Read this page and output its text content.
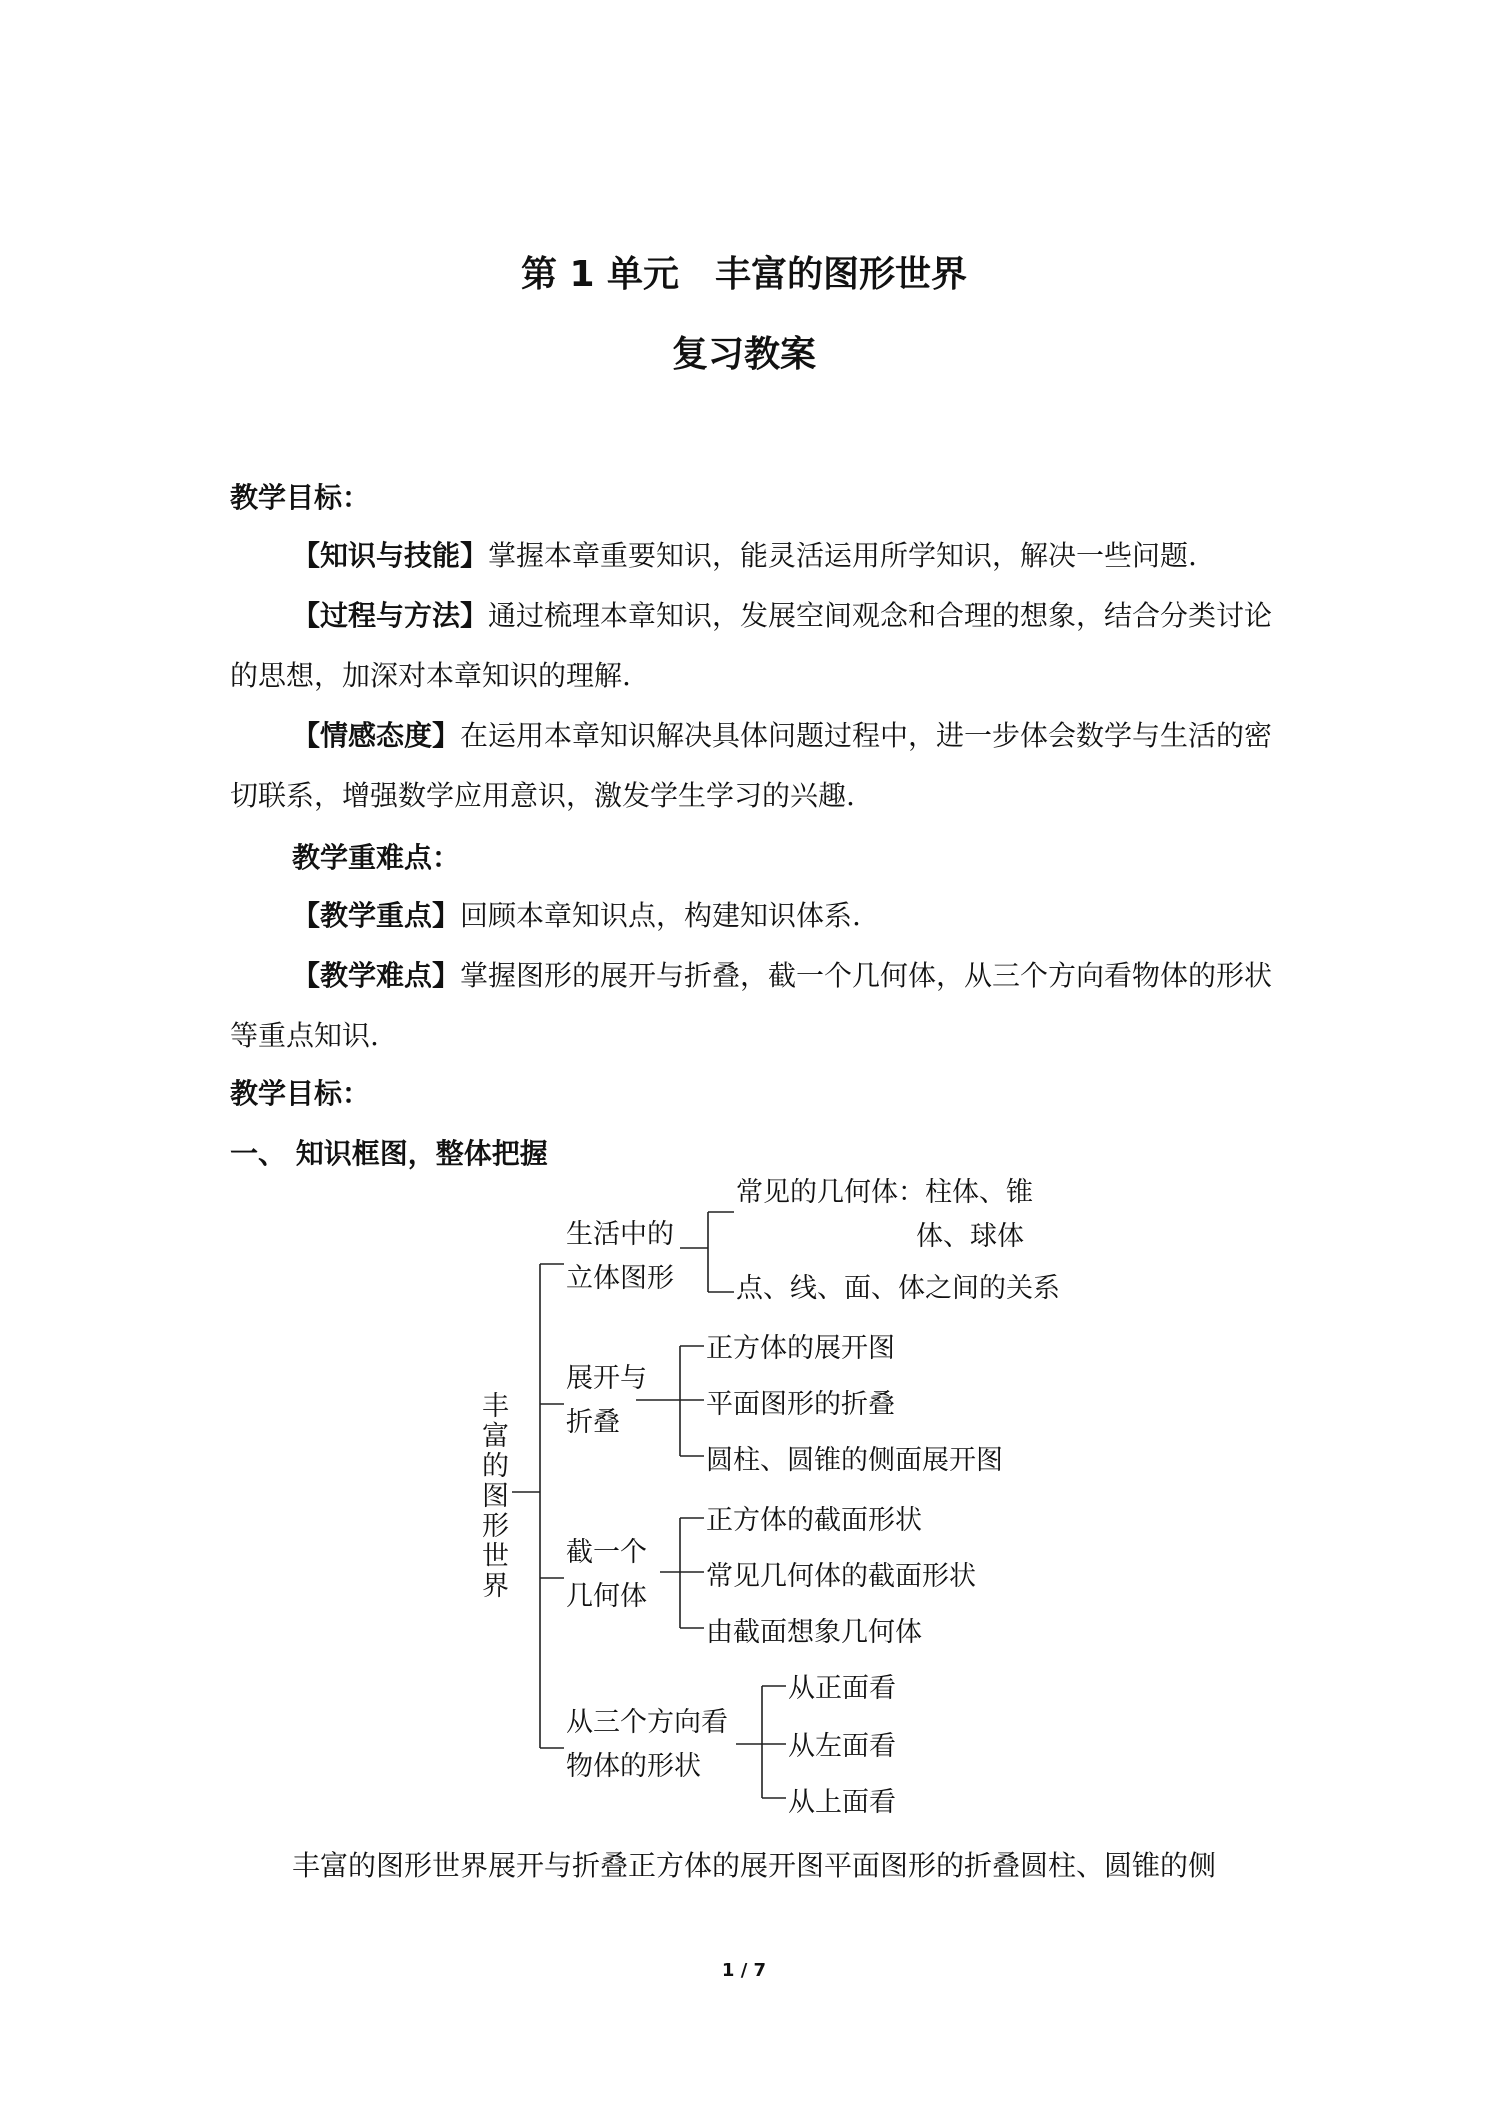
第 1 单元　丰富的图形世界
复习教案
教学目标：

【知识与技能】掌握本章重要知识，能灵活运用所学知识，解决一些问题.

【过程与方法】通过梳理本章知识，发展空间观念和合理的想象，结合分类讨论的思想，加深对本章知识的理解.

【情感态度】在运用本章知识解决具体问题过程中，进一步体会数学与生活的密切联系，增强数学应用意识，激发学生学习的兴趣.

教学重难点：

【教学重点】回顾本章知识点，构建知识体系.

【教学难点】掌握图形的展开与折叠，截一个几何体，从三个方向看物体的形状等重点知识.

教学目标：
一、 知识框图，整体把握
丰
富
的
图
形
世
界
生活中的
立体图形
常见的几何体：柱体、锥
体、球体
点、线、面、体之间的关系
展开与
折叠
正方体的展开图
平面图形的折叠
圆柱、圆锥的侧面展开图
截一个
几何体
正方体的截面形状
常见几何体的截面形状
由截面想象几何体
从三个方向看
物体的形状
从正面看
从左面看
从上面看

丰富的图形世界展开与折叠正方体的展开图平面图形的折叠圆柱、圆锥的侧

1 / 7
